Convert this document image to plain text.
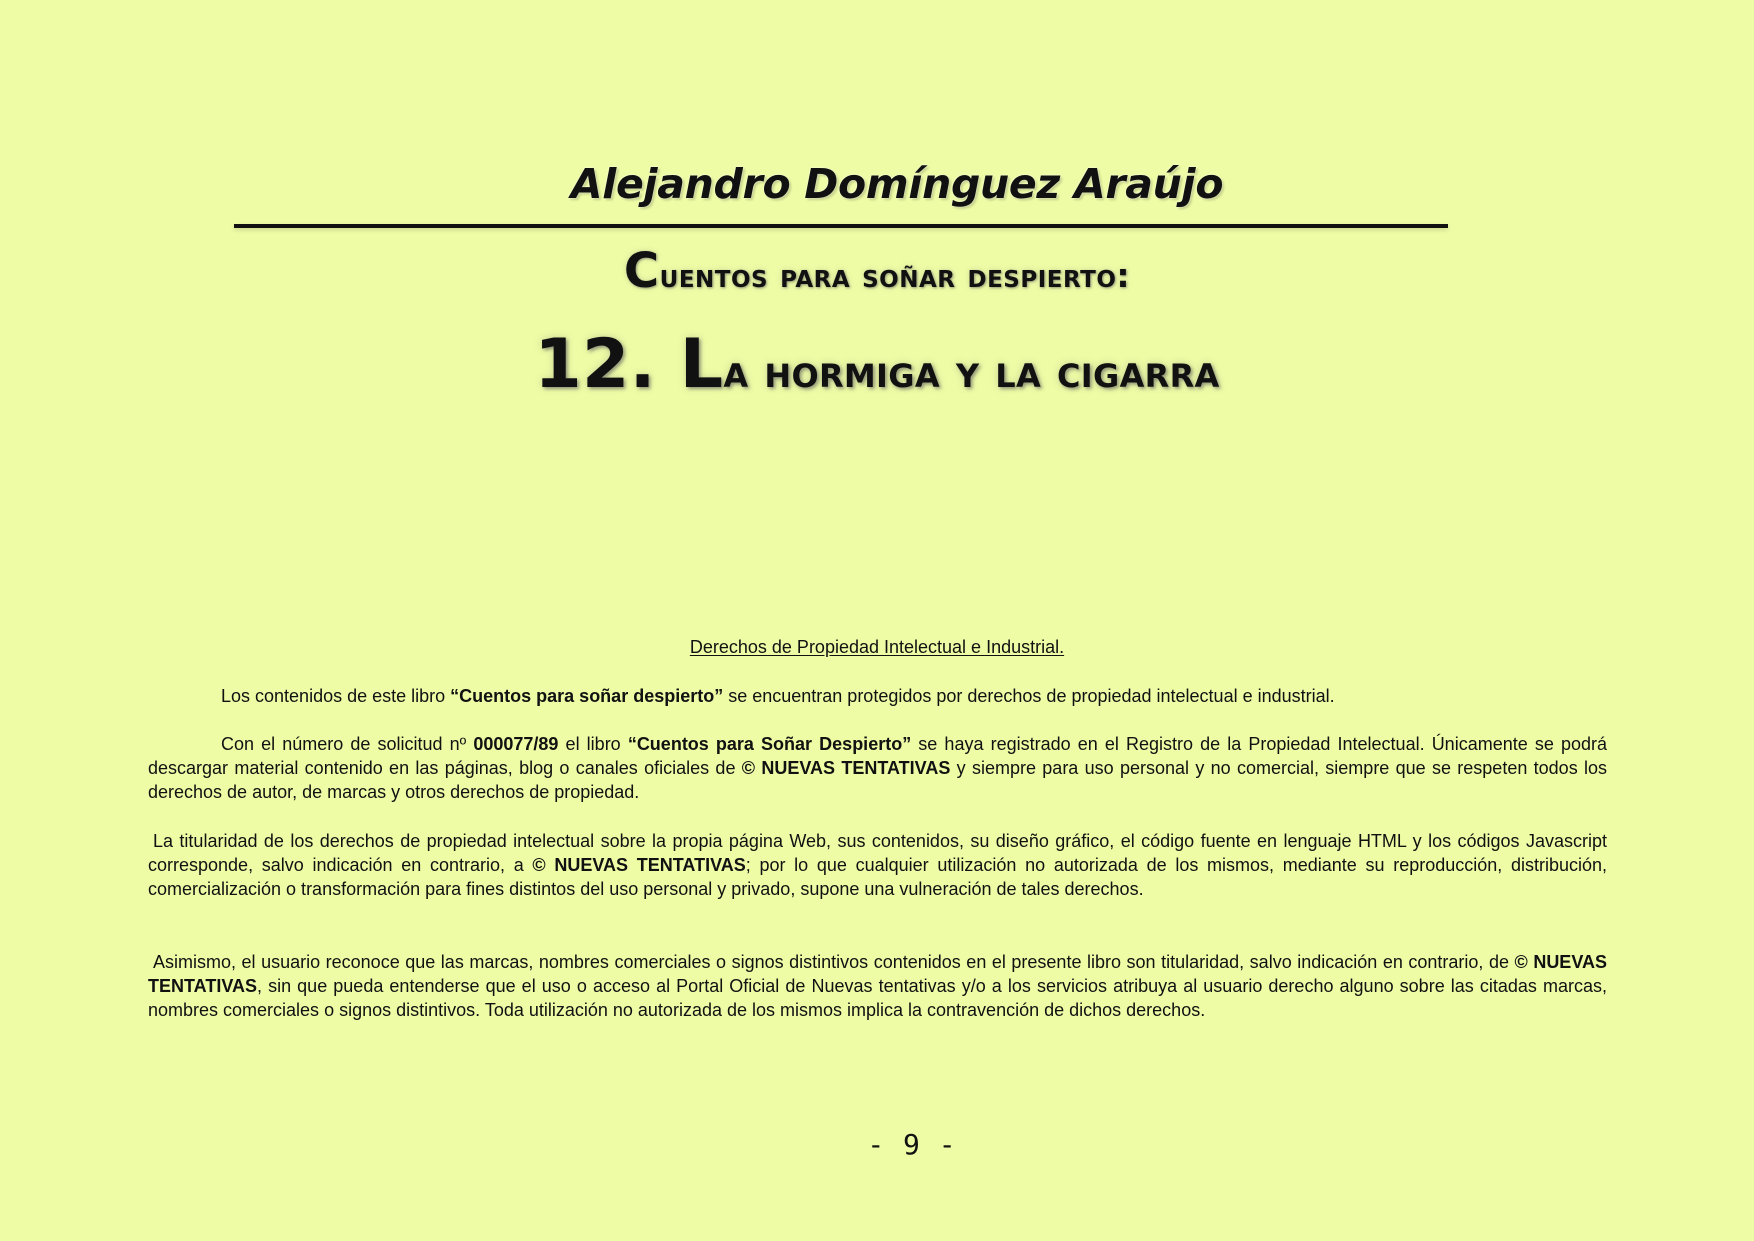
Alejandro Domínguez Araújo
Cuentos para soñar despierto:
12. La hormiga y la cigarra
Derechos de Propiedad Intelectual e Industrial.
Los contenidos de este libro “Cuentos para soñar despierto” se encuentran protegidos por derechos de propiedad intelectual e industrial.
Con el número de solicitud nº 000077/89 el libro “Cuentos para Soñar Despierto” se haya registrado en el Registro de la Propiedad Intelectual. Únicamente se podrá descargar material contenido en las páginas, blog o canales oficiales de © NUEVAS TENTATIVAS y siempre para uso personal y no comercial, siempre que se respeten todos los derechos de autor, de marcas y otros derechos de propiedad.
La titularidad de los derechos de propiedad intelectual sobre la propia página Web, sus contenidos, su diseño gráfico, el código fuente en lenguaje HTML y los códigos Javascript corresponde, salvo indicación en contrario, a © NUEVAS TENTATIVAS; por lo que cualquier utilización no autorizada de los mismos, mediante su reproducción, distribución, comercialización o transformación para fines distintos del uso personal y privado, supone una vulneración de tales derechos.
Asimismo, el usuario reconoce que las marcas, nombres comerciales o signos distintivos contenidos en el presente libro son titularidad, salvo indicación en contrario, de © NUEVAS TENTATIVAS, sin que pueda entenderse que el uso o acceso al Portal Oficial de Nuevas tentativas y/o a los servicios atribuya al usuario derecho alguno sobre las citadas marcas, nombres comerciales o signos distintivos. Toda utilización no autorizada de los mismos implica la contravención de dichos derechos.
- 9 -
